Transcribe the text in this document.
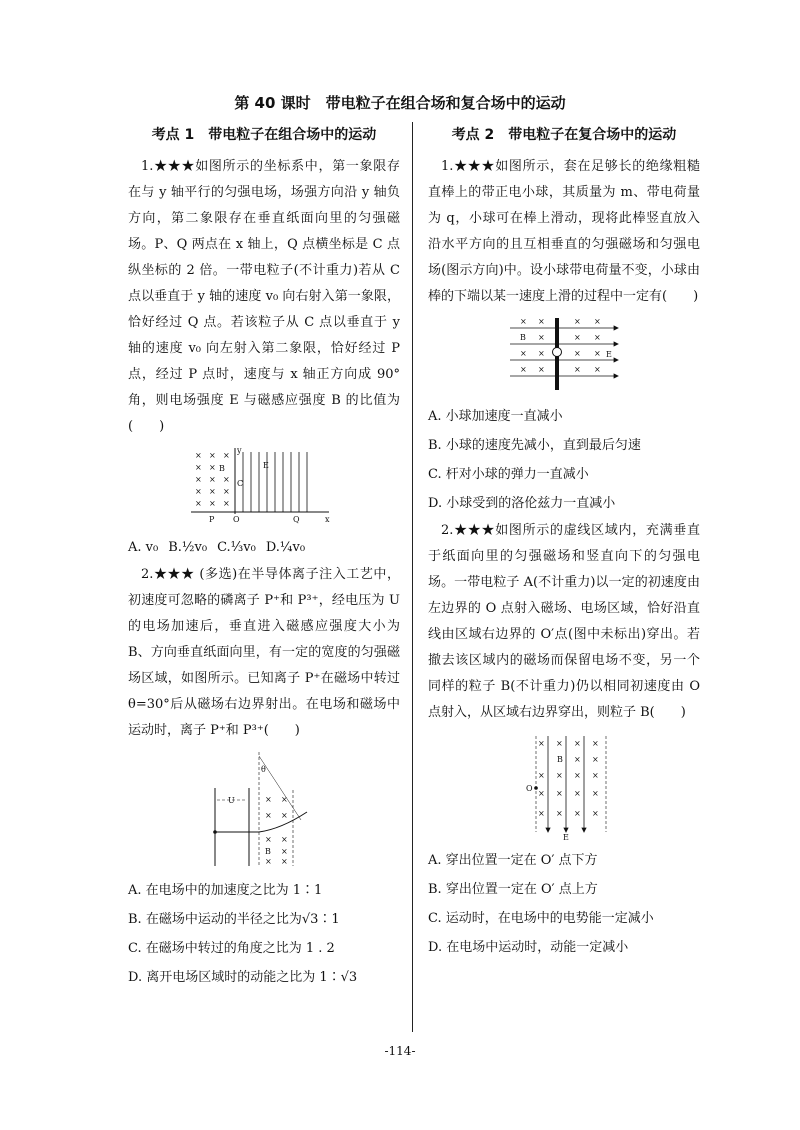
第 40 课时　带电粒子在组合场和复合场中的运动
考点 1　带电粒子在组合场中的运动
1.★★★如图所示的坐标系中，第一象限存在与 y 轴平行的匀强电场，场强方向沿 y 轴负方向，第二象限存在垂直纸面向里的匀强磁场。P、Q 两点在 x 轴上，Q 点横坐标是 C 点纵坐标的 2 倍。一带电粒子(不计重力)若从 C 点以垂直于 y 轴的速度 v₀ 向右射入第一象限，恰好经过 Q 点。若该粒子从 C 点以垂直于 y 轴的速度 v₀ 向左射入第二象限，恰好经过 P 点，经过 P 点时，速度与 x 轴正方向成 90°角，则电场强度 E 与磁感应强度 B 的比值为(　　)
× × ×
× ×
× × ×
× × ×
× × ×
B
y
C
E
P O	Q	x
A. v₀ B.½v₀ C.⅓v₀ D.¼v₀
2.★★★ (多选)在半导体离子注入工艺中，初速度可忽略的磷离子 P⁺和 P³⁺，经电压为 U 的电场加速后，垂直进入磁感应强度大小为 B、方向垂直纸面向里，有一定的宽度的匀强磁场区域，如图所示。已知离子 P⁺在磁场中转过θ=30°后从磁场右边界射出。在电场和磁场中运动时，离子 P⁺和 P³⁺(　　)
U
θ
× ×
× ×
× ×
×
× ×
B
A. 在电场中的加速度之比为 1∶1
B. 在磁场中运动的半径之比为√3∶1
C. 在磁场中转过的角度之比为 1 . 2
D. 离开电场区域时的动能之比为 1∶√3
考点 2　带电粒子在复合场中的运动
1.★★★如图所示，套在足够长的绝缘粗糙直棒上的带正电小球，其质量为 m、带电荷量为 q，小球可在棒上滑动，现将此棒竖直放入沿水平方向的且互相垂直的匀强磁场和匀强电场(图示方向)中。设小球带电荷量不变，小球由棒的下端以某一速度上滑的过程中一定有(　　)
× ×	× ×
×	× ×
× ×	× ×
× ×	× ×
B
E
A. 小球加速度一直减小
B. 小球的速度先减小，直到最后匀速
C. 杆对小球的弹力一直减小
D. 小球受到的洛伦兹力一直减小
2.★★★如图所示的虚线区域内，充满垂直于纸面向里的匀强磁场和竖直向下的匀强电场。一带电粒子 A(不计重力)以一定的初速度由左边界的 O 点射入磁场、电场区域，恰好沿直线由区域右边界的 O′点(图中未标出)穿出。若撤去该区域内的磁场而保留电场不变，另一个同样的粒子 B(不计重力)仍以相同初速度由 O 点射入，从区域右边界穿出，则粒子 B(　　)
× × × ×
× ×
× × × ×
× × × ×
× × × ×
B
O
E
A. 穿出位置一定在 O′ 点下方
B. 穿出位置一定在 O′ 点上方
C. 运动时，在电场中的电势能一定减小
D. 在电场中运动时，动能一定减小
-114-
